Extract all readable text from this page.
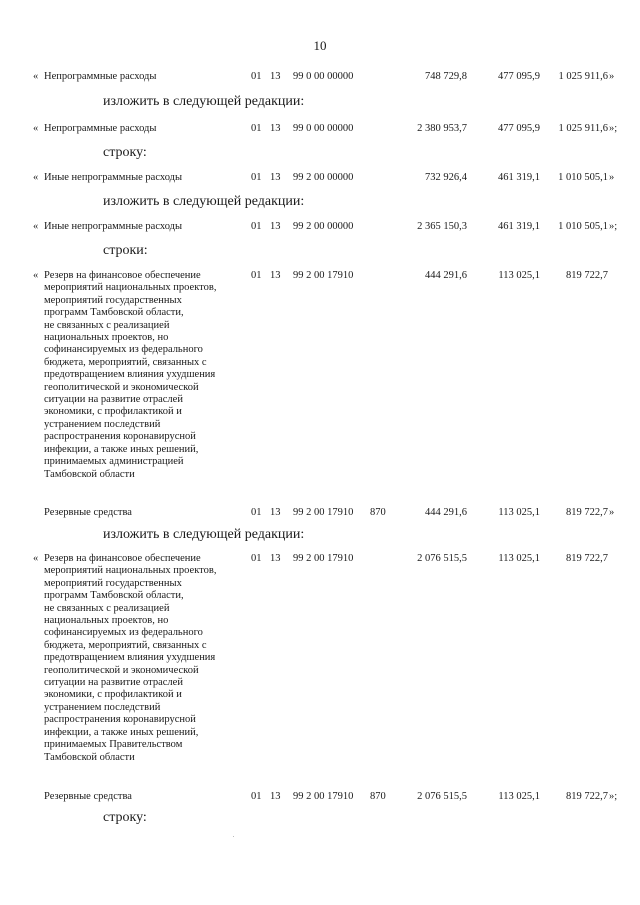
10
« Непрограммные расходы	01 13 99 0 00 00000	748 729,8	477 095,9 1 025 911,6 »
изложить в следующей редакции:
« Непрограммные расходы	01 13 99 0 00 00000	2 380 953,7	477 095,9 1 025 911,6 »;
строку:
« Иные непрограммные расходы	01 13 99 2 00 00000	732 926,4	461 319,1 1 010 505,1 »
изложить в следующей редакции:
« Иные непрограммные расходы	01 13 99 2 00 00000	2 365 150,3	461 319,1 1 010 505,1 »;
строки:
« Резерв на финансовое обеспечение
мероприятий национальных проектов,
мероприятий государственных
программ Тамбовской области,
не связанных с реализацией
национальных проектов, но
софинансируемых из федерального
бюджета, мероприятий, связанных с
предотвращением влияния ухудшения
геополитической и экономической
ситуации на развитие отраслей
экономики, с профилактикой и
устранением последствий
распространения коронавирусной
инфекции, а также иных решений,
принимаемых администрацией
Тамбовской области
01 13 99 2 00 17910	444 291,6	113 025,1 819 722,7
Резервные средства	01 13 99 2 00 17910 870	444 291,6	113 025,1 819 722,7 »
изложить в следующей редакции:
« Резерв на финансовое обеспечение
мероприятий национальных проектов,
мероприятий государственных
программ Тамбовской области,
не связанных с реализацией
национальных проектов, но
софинансируемых из федерального
бюджета, мероприятий, связанных с
предотвращением влияния ухудшения
геополитической и экономической
ситуации на развитие отраслей
экономики, с профилактикой и
устранением последствий
распространения коронавирусной
инфекции, а также иных решений,
принимаемых Правительством
Тамбовской области
01 13 99 2 00 17910	2 076 515,5	113 025,1 819 722,7
Резервные средства	01 13 99 2 00 17910 870	2 076 515,5	113 025,1 819 722,7 »;
строку:
